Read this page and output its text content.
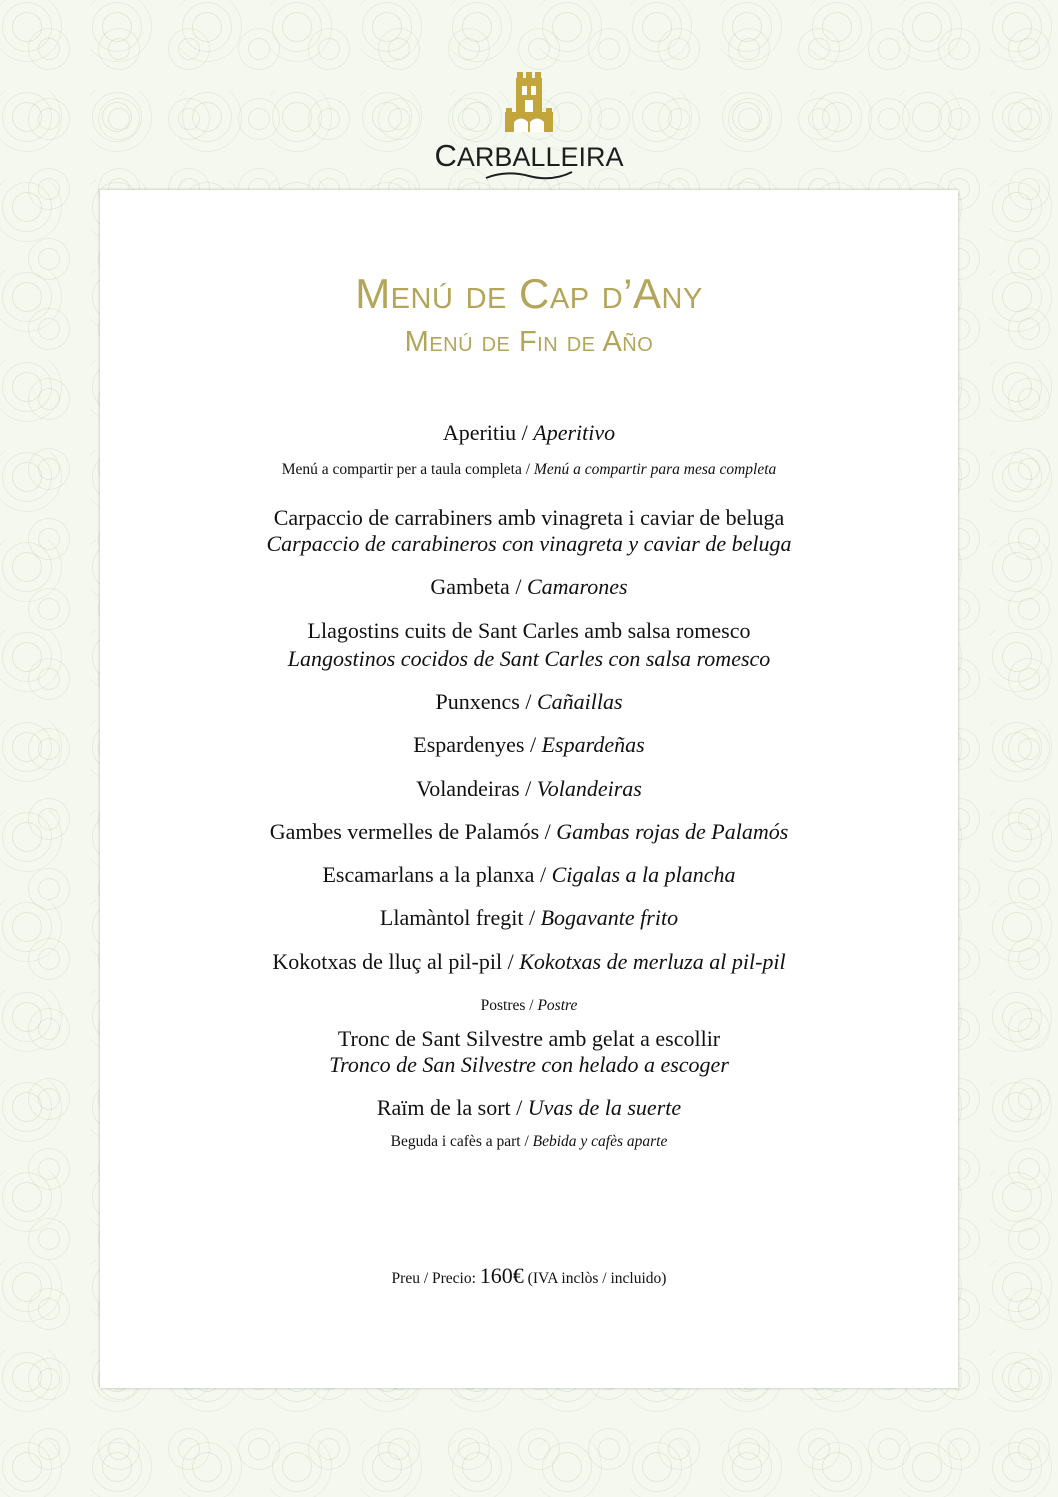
CARBALLEIRA
Menú de Cap d’Any
Menú de Fin de Año
Aperitiu / Aperitivo
Menú a compartir per a taula completa / Menú a compartir para mesa completa
Carpaccio de carrabiners amb vinagreta i caviar de beluga
Carpaccio de carabineros con vinagreta y caviar de beluga
Gambeta / Camarones
Llagostins cuits de Sant Carles amb salsa romesco
Langostinos cocidos de Sant Carles con salsa romesco
Punxencs / Cañaillas
Espardenyes / Espardeñas
Volandeiras / Volandeiras
Gambes vermelles de Palamós / Gambas rojas de Palamós
Escamarlans a la planxa / Cigalas a la plancha
Llamàntol fregit / Bogavante frito
Kokotxas de lluç al pil-pil / Kokotxas de merluza al pil-pil
Postres / Postre
Tronc de Sant Silvestre amb gelat a escollir
Tronco de San Silvestre con helado a escoger
Raïm de la sort / Uvas de la suerte
Beguda i cafès a part / Bebida y cafès aparte
Preu / Precio: 160€ (IVA inclòs / incluido)
